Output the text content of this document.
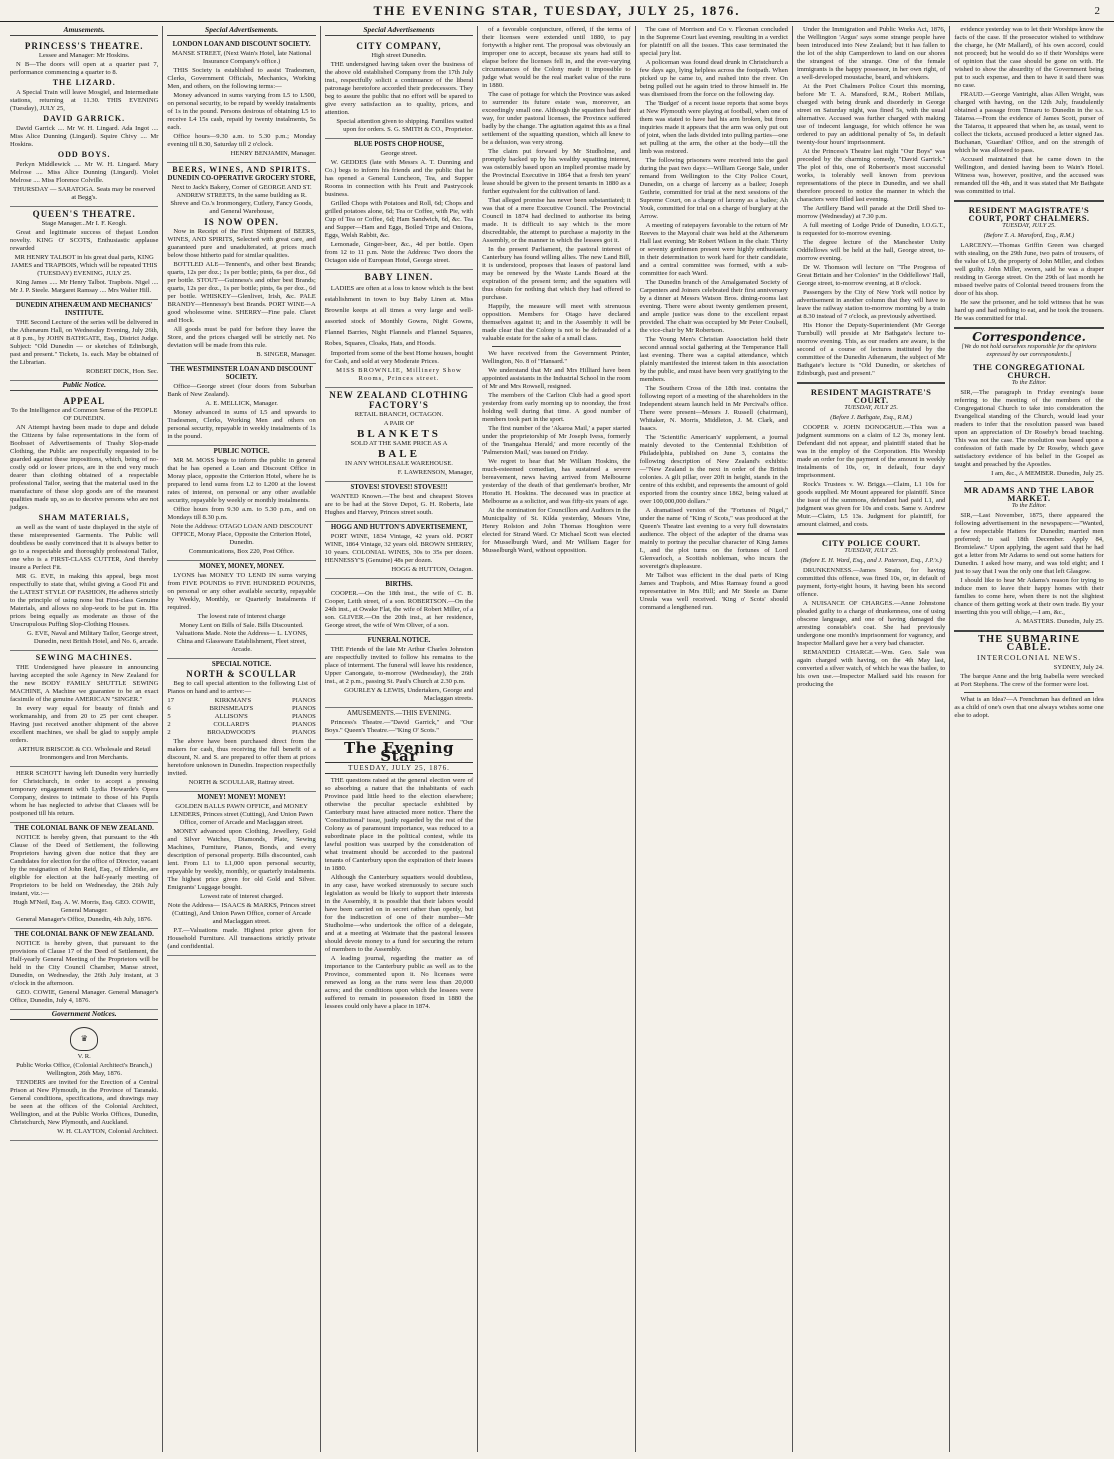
THE EVENING STAR, TUESDAY, JULY 25, 1876.	2
Amusements.
PRINCESS'S THEATRE.

Lessee and Manager: Mr Hoskins.

N B—The doors will open at a quarter past 7, performance commencing a quarter to 8.

THE LIZARD.

A Special Train will leave Mosgiel, and Intermediate stations, returning at 11.30. THIS EVENING (Tuesday), JULY 25,

DAVID GARRICK.

David Garrick .... Mr W. H. Lingard. Ada Ingot .... Miss Alice Dunning (Lingard). Squire Chivy .... Mr Hoskins.

ODD BOYS.

Perkyn Middlewick .... Mr W. H. Lingard. Mary Melrose .... Miss Alice Dunning (Lingard). Violet Melrose .... Miss Florence Colville.

THURSDAY — SARATOGA. Seats may be reserved at Begg's.

QUEEN'S THEATRE.

Stage Manager...Mr I. F. Keogh.

Great and legitimate success of thejast London novelty. KING O' SCOTS, Enthusiastic applause rewarded

MR HENRY TALBOT in his great dual parts, KING JAMES and TRAPBOIS, Which will be repeated THIS (TUESDAY) EVENING, JULY 25.

King James ..... Mr Henry Talbot. Trapbois. Nigel .... Mr J. P. Steele. Margaret Ramsay .... Mrs Walter Hill.

DUNEDIN ATHENÆUM AND MECHANICS' INSTITUTE.

THE Second Lecture of the series will be delivered in the Athenæum Hall, on Wednesday Evening, July 26th, at 8 p.m., by JOHN BATHGATE, Esq., District Judge. Subject: "Old Dunedin — or sketches of Edinburgh, past and present." Tickets, 1s. each. May be obtained of the Librarian.

ROBERT DICK, Hon. Sec.

Public Notice.
APPEAL

To the Intelligence and Common Sense of the PEOPLE OF DUNEDIN.

AN Attempt having been made to dupe and delude the Citizens by false representations in the form of Boobsset of Advertisements of Trashy Slop-made Clothing, the Public are respectfully requested to be guarded against these impositions, which, being of no-costly odd or lower prices, are in the end very much dearer than clothing obtained of a respectable professional Tailor, seeing that the material used in the manufacture of these slop goods are of the meanest qualities made up, so as to deceive persons who are not judges.

SHAM MATERIALS,

as well as the want of taste displayed in the style of these misrepresented Garments. The Public will doubtless be easily convinced that it is always better to go to a respectable and thoroughly professional Tailor, one who is a FIRST-CLASS CUTTER, And thereby insure a Perfect Fit.

MR G. EVE, in making this appeal, begs most respectfully to state that, whilst giving a Good Fit and the LATEST STYLE OF FASHION, He adheres strictly to the principle of using none but First-class Genuine Materials, and allows no slop-work to be put in. His prices being equally as moderate as those of the Unscrupulous Puffing Slop-Clothing Houses.

G. EVE, Naval and Military Tailor, George street, Dunedin, next British Hotel, and No. 6, arcade.

SEWING MACHINES.

THE Undersigned have pleasure in announcing having accepted the sole Agency in New Zealand for the new BODY FAMILY SHUTTLE SEWING MACHINE, A Machine we guarantee to be an exact facsimile of the genuine AMERICAN "SINGER."

In every way equal for beauty of finish and workmanship, and from 20 to 25 per cent cheaper. Having just received another shipment of the above excellent machines, we shall be glad to supply ample orders.

ARTHUR BRISCOE & CO. Wholesale and Retail Ironmongers and Iron Merchants.

HERR SCHOTT having left Dunedin very hurriedly for Christchurch, in order to accept a pressing temporary engagement with Lydia Howarde's Opera Company, desires to intimate to those of his Pupils whom he has neglected to advise that Classes will be postponed till his return.

THE COLONIAL BANK OF NEW ZEALAND.

NOTICE is hereby given, that pursuant to the 4th Clause of the Deed of Settlement, the following Proprietors having given due notice that they are Candidates for election for the office of Director, vacant by the resignation of John Reid, Esq., of Elderslie, are eligible for election at the half-yearly meeting of Proprietors to be held on Wednesday, the 26th July instant, viz.:—

Hugh M'Neil, Esq. A. W. Morris, Esq. GEO. COWIE, General Manager.

General Manager's Office, Dunedin, 4th July, 1876.

THE COLONIAL BANK OF NEW ZEALAND.

NOTICE is hereby given, that pursuant to the provisions of Clause 17 of the Deed of Settlement, the Half-yearly General Meeting of the Proprietors will be held in the City Council Chamber, Manse street, Dunedin, on Wednesday, the 26th July instant, at 3 o'clock in the afternoon.

GEO. COWIE, General Manager. General Manager's Office, Dunedin, July 4, 1876.

Government Notices.
♛

V. R.

Public Works Office, (Colonial Architect's Branch,) Wellington, 26th May, 1876.

TENDERS are invited for the Erection of a Central Prison at New Plymouth, in the Province of Taranaki. General conditions, specifications, and drawings may be seen at the offices of the Colonial Architect, Wellington, and at the Public Works Offices, Dunedin, Christchurch, New Plymouth, and Auckland.

W. H. CLAYTON, Colonial Architect.

Special Advertisements.
LONDON LOAN AND DISCOUNT SOCIETY.

MANSE STREET, (Next Wain's Hotel, late National Insurance Company's office.)

THIS Society is established to assist Tradesmen, Clerks, Government Officials, Mechanics, Working Men, and others, on the following terms:—

Money advanced in sums varying from L5 to L500, on personal security, to be repaid by weekly instalments of 1s in the pound. Persons desirous of obtaining L5 to receive L4 15s cash, repaid by twenty instalments, 5s each.

Office hours—9.30 a.m. to 5.30 p.m.; Monday evening till 8.30, Saturday till 2 o'clock.

HENRY BENJAMIN, Manager.

BEERS, WINES, AND SPIRITS.
DUNEDIN CO-OPERATIVE GROCERY STORE,

Next to Jack's Bakery, Corner of GEORGE AND ST. ANDREW STREETS, In the same building as R. Shreve and Co.'s Ironmongery, Cutlery, Fancy Goods, and General Warehouse,

IS NOW OPEN.

Now in Receipt of the First Shipment of BEERS, WINES, AND SPIRITS, Selected with great care, and guaranteed pure and unadulterated, at prices much below those hitherto paid for similar qualities.

BOTTLED ALE—Tennent's, and other best Brands; quarts, 12s per doz.; 1s per bottle; pints, 6s per doz., 6d per bottle. STOUT—Guinness's and other best Brands; quarts, 12s per doz., 1s per bottle; pints, 6s per doz., 6d per bottle. WHISKEY—Glenlivet, Irish, &c. PALE BRANDY—Hennessy's best Brands. PORT WINE—A good wholesome wine. SHERRY—Fine pale. Claret and Hock.

All goods must be paid for before they leave the Store, and the prices charged will be strictly net. No deviation will be made from this rule.

B. SINGER, Manager.

THE WESTMINSTER LOAN AND DISCOUNT SOCIETY.

Office—George street (four doors from Suburban Bank of New Zealand).

A. E. MELLICK, Manager.

Money advanced in sums of L5 and upwards to Tradesmen, Clerks, Working Men and others on personal security, repayable in weekly instalments of 1s in the pound.

PUBLIC NOTICE.

MR M. MOSS begs to inform the public in general that he has opened a Loan and Discount Office in Moray place, opposite the Criterion Hotel, where he is prepared to lend sums from L2 to L200 at the lowest rates of interest, on personal or any other available security, repayable by weekly or monthly instalments.

Office hours from 9.30 a.m. to 5.30 p.m., and on Mondays till 8.30 p.m.

Note the Address: OTAGO LOAN AND DISCOUNT OFFICE, Moray Place, Opposite the Criterion Hotel, Dunedin.

Communications, Box 220, Post Office.

MONEY, MONEY, MONEY.

LYONS has MONEY TO LEND IN sums varying from FIVE POUNDS to FIVE HUNDRED POUNDS, on personal or any other available security, repayable by Weekly, Monthly, or Quarterly Instalments if required.

The lowest rate of interest charge

Money Lent on Bills of Sale. Bills Discounted. Valuations Made. Note the Address— L. LYONS, China and Glassware Establishment, Fleet street, Arcade.

SPECIAL NOTICE.
NORTH & SCOULLAR

Beg to call special attention to the following List of Pianos on hand and to arrive:—

17	KIRKMAN'S	PIANOS
6	BRINSMEAD'S	PIANOS
5	ALLISON'S	PIANOS
2	COLLARD'S	PIANOS
2	BROADWOOD'S	PIANOS

The above have been purchased direct from the makers for cash, thus receiving the full benefit of a discount, N. and S. are prepared to offer them at prices heretofore unknown in Dunedin. Inspection respectfully invited.

NORTH & SCOULLAR, Rattray street.

MONEY! MONEY! MONEY!

GOLDEN BALLS PAWN OFFICE, and MONEY LENDERS, Princes street (Cutting), And Union Pawn Office, corner of Arcade and Maclaggan street.

MONEY advanced upon Clothing, Jewellery, Gold and Silver Watches, Diamonds, Plate, Sewing Machines, Furniture, Pianos, Bonds, and every description of personal property. Bills discounted, cash lent. From L1 to L1,000 upon personal security, repayable by weekly, monthly, or quarterly instalments. The highest price given for old Gold and Silver. Emigrants' Luggage bought.

Lowest rate of interest charged.

Note the Address— ISAACS & MARKS, Princes street (Cutting), And Union Pawn Office, corner of Arcade and Maclaggan street.

P.T.—Valuations made. Highest price given for Household Furniture. All transactions strictly private (and confidential.

Special Advertisements
CITY COMPANY,

High street Dunedin.

THE undersigned having taken over the business of the above old established Company from the 17th July inst., respectfully solicit a continuance of the liberal patronage heretofore accorded their predecessors. They beg to assure the public that no effort will be spared to give every satisfaction as to quality, prices, and attention.

Special attention given to shipping. Families waited upon for orders. S. G. SMITH & CO., Proprietor.

BLUE POSTS CHOP HOUSE,

George street.

W. GEDDES (late with Messrs A. T. Dunning and Co.) begs to inform his friends and the public that he has opened a General Luncheon, Tea, and Supper Rooms in connection with his Fruit and Pastrycook business.

Grilled Chops with Potatoes and Roll, 6d; Chops and grilled potatoes alone, 6d; Tea or Coffee, with Pie, with Cup of Tea or Coffee, 6d; Ham Sandwich, 6d, &c. Tea and Supper—Ham and Eggs, Boiled Tripe and Onions, Eggs, Welsh Rabbit, &c.

Lemonade, Ginger-beer, &c., 4d per bottle. Open from 12 to 11 p.m. Note the Address: Two doors the Octagon side of European Hotel, George street.

BABY LINEN.

LADIES are often at a loss to know which is the best establishment in town to buy Baby Linen at. Miss Brownlie keeps at all times a very large and well-assorted stock of Monthly Gowns, Night Gowns, Flannel Barries, Night Flannels and Flannel Squares, Robes, Squares, Cloaks, Hats, and Hoods.

Imported from some of the best Home houses, bought for Cash, and sold at very Moderate Prices.

MISS BROWNLIE, Millinery Show Rooms, Princes street.

NEW ZEALAND CLOTHING FACTORY'S

RETAIL BRANCH, OCTAGON.

A PAIR OF

BLANKETS

SOLD AT THE SAME PRICE AS A

BALE

IN ANY WHOLESALE WAREHOUSE.

F. LAWRENSON, Manager,

STOVES! STOVES!! STOVES!!!

WANTED Known.—The best and cheapest Stoves are to be had at the Stove Depot, G. H. Roberts, late Hughes and Harvey, Princes street south.

HOGG AND HUTTON'S ADVERTISEMENT,

PORT WINE, 1834 Vintage, 42 years old. PORT WINE, 1864 Vintage, 32 years old. BROWN SHERRY, 10 years. COLONIAL WINES, 30s to 35s per dozen. HENNESSY'S (Genuine) 48s per dozen.

HOGG & HUTTON, Octagon.

BIRTHS.

COOPER.—On the 18th inst., the wife of C. B. Cooper, Leith street, of a son. ROBERTSON.—On the 24th inst., at Owake Flat, the wife of Robert Miller, of a son. GLIVER.—On the 20th inst., at her residence, George street, the wife of Wm Oliver, of a son.

FUNERAL NOTICE.

THE Friends of the late Mr Arthur Charles Johnston are respectfully invited to follow his remains to the place of interment. The funeral will leave his residence, Upper Canongate, to-morrow (Wednesday), the 26th inst., at 2 p.m., passing St. Paul's Church at 2.30 p.m.

GOURLEY & LEWIS, Undertakers, George and Maclaggan streets.

AMUSEMENTS.—THIS EVENING.

Princess's Theatre.—"David Garrick," and "Our Boys." Queen's Theatre.—"King O' Scots."

The Evening Star
TUESDAY, JULY 25, 1876.

THE questions raised at the general election were of so absorbing a nature that the inhabitants of each Province paid little heed to the election elsewhere; otherwise the peculiar spectacle exhibited by Canterbury must have attracted more notice. There the 'Constitutional' issue, justly regarded by the rest of the Colony as of paramount importance, was reduced to a subordinate place in the political contest, while its lawful position was usurped by the consideration of what treatment should be accorded to the pastoral tenants of Canterbury upon the expiration of their leases in 1880.

Although the Canterbury squatters would doubtless, in any case, have worked strenuously to secure such legislation as would be likely to support their interests in the Assembly, it is possible that their labors would have been carried on in secret rather than openly, but for the indiscretion of one of their number—Mr Studholme—who undertook the office of a delegate, and at a meeting at Waimate that the pastoral lessees should devote money to a fund for securing the return of members to the Assembly.

A leading journal, regarding the matter as of importance to the Canterbury public as well as to the Province, commented upon it. No licenses were renewed as long as the runs were less than 20,000 acres; and the conditions upon which the lessees were suffered to remain in possession fixed in 1880 the lessees could only have a place in 1874.

of a favorable conjuncture, offered, if the terms of their licenses were extended until 1880, to pay fortywith a higher rent. The proposal was obviously an improper one to accept, because six years had still to elapse before the licenses fell in, and the ever-varying circumstances of the Colony made it impossible to judge what would be the real market value of the runs in 1880.

The case of pottage for which the Province was asked to surrender its future estate was, moreover, an exceedingly small one. Although the squatters had their way, for under pastoral licenses, the Province suffered badly by the change. The agitation against this as a final settlement of the squatting question, which all knew to be a delusion, was very strong.

The claim put forward by Mr Studholme, and promptly backed up by his wealthy squatting interest, was ostensibly based upon an implied promise made by the Provincial Executive in 1864 that a fresh ten years' lease should be given to the present tenants in 1880 as a further equivalent for the cultivation of land.

That alleged promise has never been substantiated; it was that of a mere Executive Council. The Provincial Council in 1874 had declined to authorise its being made. It is difficult to say which is the more discreditable, the attempt to purchase a majority in the Assembly, or the manner in which the lessees got it.

In the present Parliament, the pastoral interest of Canterbury has found willing allies. The new Land Bill, it is understood, proposes that leases of pastoral land may be renewed by the Waste Lands Board at the expiration of the present term; and the squatters will thus obtain for nothing that which they had offered to purchase.

Happily, the measure will meet with strenuous opposition. Members for Otago have declared themselves against it; and in the Assembly it will be made clear that the Colony is not to be defrauded of a valuable estate for the sake of a small class.

We have received from the Government Printer, Wellington, No. 8 of "Hansard."

We understand that Mr and Mrs Hilliard have been appointed assistants in the Industrial School in the room of Mr and Mrs Rowsell, resigned.

The members of the Carlton Club had a good sport yesterday from early morning up to noonday, the frost holding well during that time. A good number of members took part in the sport.

The first number of the 'Akaroa Mail,' a paper started under the proprietorship of Mr Joseph Ivess, formerly of the 'Inangahua Herald,' and more recently of the 'Palmerston Mail,' was issued on Friday.

We regret to hear that Mr William Hoskins, the much-esteemed comedian, has sustained a severe bereavement, news having arrived from Melbourne yesterday of the death of that gentleman's brother, Mr Horatio H. Hoskins. The deceased was in practice at Melbourne as a solicitor, and was fifty-six years of age.

At the nomination for Councillors and Auditors in the Municipality of St. Kilda yesterday, Messrs Vine, Henry Rolston and John Thomas Houghton were elected for Strand Ward. Cr Michael Scott was elected for Musselburgh Ward, and Mr William Eager for Musselburgh Ward, without opposition.

The case of Morrison and Co v. Flexman concluded in the Supreme Court last evening, resulting in a verdict for plaintiff on all the issues. This case terminated the special jury list.

A policeman was found dead drunk in Christchurch a few days ago, lying helpless across the footpath. When picked up he came to, and rushed into the river. On being pulled out he again tried to throw himself in. He was dismissed from the force on the following day.

The 'Budget' of a recent issue reports that some boys at New Plymouth were playing at football, when one of them was stated to have had his arm broken, but from inquiries made it appears that the arm was only put out of joint, when the lads divided into pulling parties—one set pulling at the arm, the other at the body—till the limb was restored.

The following prisoners were received into the gaol during the past two days:—William George Sale, under remand from Wellington to the City Police Court, Dunedin, on a charge of larceny as a bailee; Joseph Guthrie, committed for trial at the next sessions of the Supreme Court, on a charge of larceny as a bailee; Ah Youk, committed for trial on a charge of burglary at the Arrow.

A meeting of ratepayers favorable to the return of Mr Reeves to the Mayoral chair was held at the Athenæum Hall last evening; Mr Robert Wilson in the chair. Thirty or seventy gentlemen present were highly enthusiastic in their determination to work hard for their candidate, and a central committee was formed, with a sub-committee for each Ward.

The Dunedin branch of the Amalgamated Society of Carpenters and Joiners celebrated their first anniversary by a dinner at Messrs Watson Bros. dining-rooms last evening. There were about twenty gentlemen present, and ample justice was done to the excellent repast provided. The chair was occupied by Mr Peter Coulsell, the vice-chair by Mr Robertson.

The Young Men's Christian Association held their second annual social gathering at the Temperance Hall last evening. There was a capital attendance, which plainly manifested the interest taken in this association by the public, and must have been very gratifying to the members.

The Southern Cross of the 18th inst. contains the following report of a meeting of the shareholders in the Independent steam launch held in Mr Percival's office. There were present—Messrs J. Russell (chairman), Whitaker, N. Morris, Middleton, J. M. Clark, and Isaacs.

The 'Scientific American's' supplement, a journal mainly devoted to the Centennial Exhibition of Philadelphia, published on June 3, contains the following description of New Zealand's exhibits:—"New Zealand is the next in order of the British colonies. A gilt pillar, over 20ft in height, stands in the centre of this exhibit, and represents the amount of gold exported from the country since 1862, being valued at over 100,000,000 dollars."

A dramatised version of the "Fortunes of Nigel," under the name of "King o' Scots," was produced at the Queen's Theatre last evening to a very full downstairs audience. The object of the adapter of the drama was mainly to portray the peculiar character of King James I., and the plot turns on the fortunes of Lord Glenvarloch, a Scottish nobleman, who incurs the sovereign's displeasure.

Mr Talbot was efficient in the dual parts of King James and Trapbois, and Miss Ramsay found a good representative in Mrs Hill; and Mr Steele as Dame Ursula was well received. 'King o' Scots' should command a lengthened run.

Under the Immigration and Public Works Act, 1876, the Wellington 'Argus' says some strange people have been introduced into New Zealand; but it has fallen to the lot of the ship Camperdown to land on our shores the strangest of the strange. One of the female immigrants is the happy possessor, in her own right, of a well-developed moustache, beard, and whiskers.

At the Port Chalmers Police Court this morning, before Mr T. A. Mansford, R.M., Robert Millais, charged with being drunk and disorderly in George street on Saturday night, was fined 5s, with the usual alternative. Accused was further charged with making use of indecent language, for which offence he was ordered to pay an additional penalty of 5s, in default twenty-four hours' imprisonment.

At the Princess's Theatre last night "Our Boys" was preceded by the charming comedy, "David Garrick." The plot of this, one of Robertson's most successful works, is tolerably well known from previous representations of the piece in Dunedin, and we shall therefore proceed to notice the manner in which the characters were filled last evening.

The Artillery Band will parade at the Drill Shed to-morrow (Wednesday) at 7.30 p.m.

A full meeting of Lodge Pride of Dunedin, I.O.G.T., is requested for to-morrow evening.

The degree lecture of the Manchester Unity Oddfellows will be held at the hall, George street, to-morrow evening.

Dr W. Thomson will lecture on "The Progress of Great Britain and her Colonies" in the Oddfellows' Hall, George street, to-morrow evening, at 8 o'clock.

Passengers by the City of New York will notice by advertisement in another column that they will have to leave the railway station to-morrow morning by a train at 8.30 instead of 7 o'clock, as previously advertised.

His Honor the Deputy-Superintendent (Mr George Turnbull) will preside at Mr Bathgate's lecture to-morrow evening. This, as our readers are aware, is the second of a course of lectures instituted by the committee of the Dunedin Athenæum, the subject of Mr Bathgate's lecture is "Old Dunedin, or sketches of Edinburgh, past and present."

RESIDENT MAGISTRATE'S COURT.
TUESDAY, JULY 25.
(Before J. Bathgate, Esq., R.M.)

COOPER v. JOHN DONOGHUE.—This was a judgment summons on a claim of L2 3s, money lent. Defendant did not appear, and plaintiff stated that he was in the employ of the Corporation. His Worship made an order for the payment of the amount in weekly instalments of 10s, or, in default, four days' imprisonment.

Rock's Trustees v. W. Briggs.—Claim, L1 10s for goods supplied. Mr Mount appeared for plaintiff. Since the issue of the summons, defendant had paid L1, and judgment was given for 10s and costs. Same v. Andrew Muir.—Claim, L5 13s. Judgment for plaintiff, for amount claimed, and costs.

CITY POLICE COURT.
TUESDAY, JULY 25.
(Before E. H. Ward, Esq., and J. Paterson, Esq., J.P.'s.)

DRUNKENNESS.—James Strain, for having committed this offence, was fined 10s, or, in default of payment, forty-eight hours, it having been his second offence.

A NUISANCE OF CHARGES.—Anne Johnstone pleaded guilty to a charge of drunkenness, one of using obscene language, and one of having damaged the arresting constable's coat. She had previously undergone one month's imprisonment for vagrancy, and Inspector Mallard gave her a very bad character.

REMANDED CHARGE.—Wm. Geo. Sale was again charged with having, on the 4th May last, converted a silver watch, of which he was the bailee, to his own use.—Inspector Mallard said his reason for producing the

evidence yesterday was to let their Worships know the facts of the case. If the prosecutor wished to withdraw the charge, he (Mr Mallard), of his own accord, could not proceed; but he would do so if their Worships were of opinion that the case should be gone on with. He wished to show the absurdity of the Government being put to such expense, and then to have it said there was no case.

FRAUD.—George Vantright, alias Allen Wright, was charged with having, on the 12th July, fraudulently obtained a passage from Timaru to Dunedin in the s.s. Taiaroa.—From the evidence of James Scott, purser of the Taiaroa, it appeared that when he, as usual, went to collect the tickets, accused produced a letter signed Jas. Buchanan, 'Guardian' Office, and on the strength of which he was allowed to pass.

Accused maintained that he came down in the Wellington, and denied having been to Wain's Hotel. Witness was, however, positive, and the accused was remanded till the 4th, and it was stated that Mr Bathgate was committed to trial.

RESIDENT MAGISTRATE'S COURT, PORT CHALMERS.
TUESDAY, JULY 25.
(Before T. A. Mansford, Esq., R.M.)

LARCENY.—Thomas Griffin Green was charged with stealing, on the 29th June, two pairs of trousers, of the value of L9, the property of John Miller, and clothes well guilty. John Miller, sworn, said he was a draper residing in George street. On the 29th of last month he missed twelve pairs of Colonial tweed trousers from the door of his shop.

He saw the prisoner, and he told witness that he was hard up and had nothing to eat, and he took the trousers. He was committed for trial.

Correspondence.

[We do not hold ourselves responsible for the opinions expressed by our correspondents.]

THE CONGREGATIONAL CHURCH.
To the Editor.

SIR,—The paragraph in Friday evening's issue referring to the meeting of the members of the Congregational Church to take into consideration the Evangelical standing of the Church, would lead your readers to infer that the resolution passed was based upon an appreciation of Dr Roseby's broad teaching. This was not the case. The resolution was based upon a confession of faith made by Dr Roseby, which gave satisfactory evidence of his belief in the Gospel as taught and preached by the Apostles.

I am, &c., A MEMBER. Dunedin, July 25.

MR ADAMS AND THE LABOR MARKET.
To the Editor.

SIR,—Last November, 1875, there appeared the following advertisement in the newspapers:—"Wanted, a few respectable Hatters for Dunedin; married men preferred; to sail 18th December. Apply 84, Bromielaw." Upon applying, the agent said that he had got a letter from Mr Adams to send out some hatters for Dunedin. I asked how many, and was told eight; and I just to say that I was the only one that left Glasgow.

I should like to hear Mr Adams's reason for trying to induce men to leave their happy homes with their families to come here, when there is not the slightest chance of them getting work at their own trade. By your inserting this you will oblige,—I am, &c.,

A. MASTERS. Dunedin, July 25.

THE SUBMARINE CABLE.
INTERCOLONIAL NEWS.

SYDNEY, July 24.

The barque Anne and the brig Isabella were wrecked at Port Stephens. The crew of the former were lost.

What is an Idea?—A Frenchman has defined an idea as a child of one's own that one always wishes some one else to adopt.
